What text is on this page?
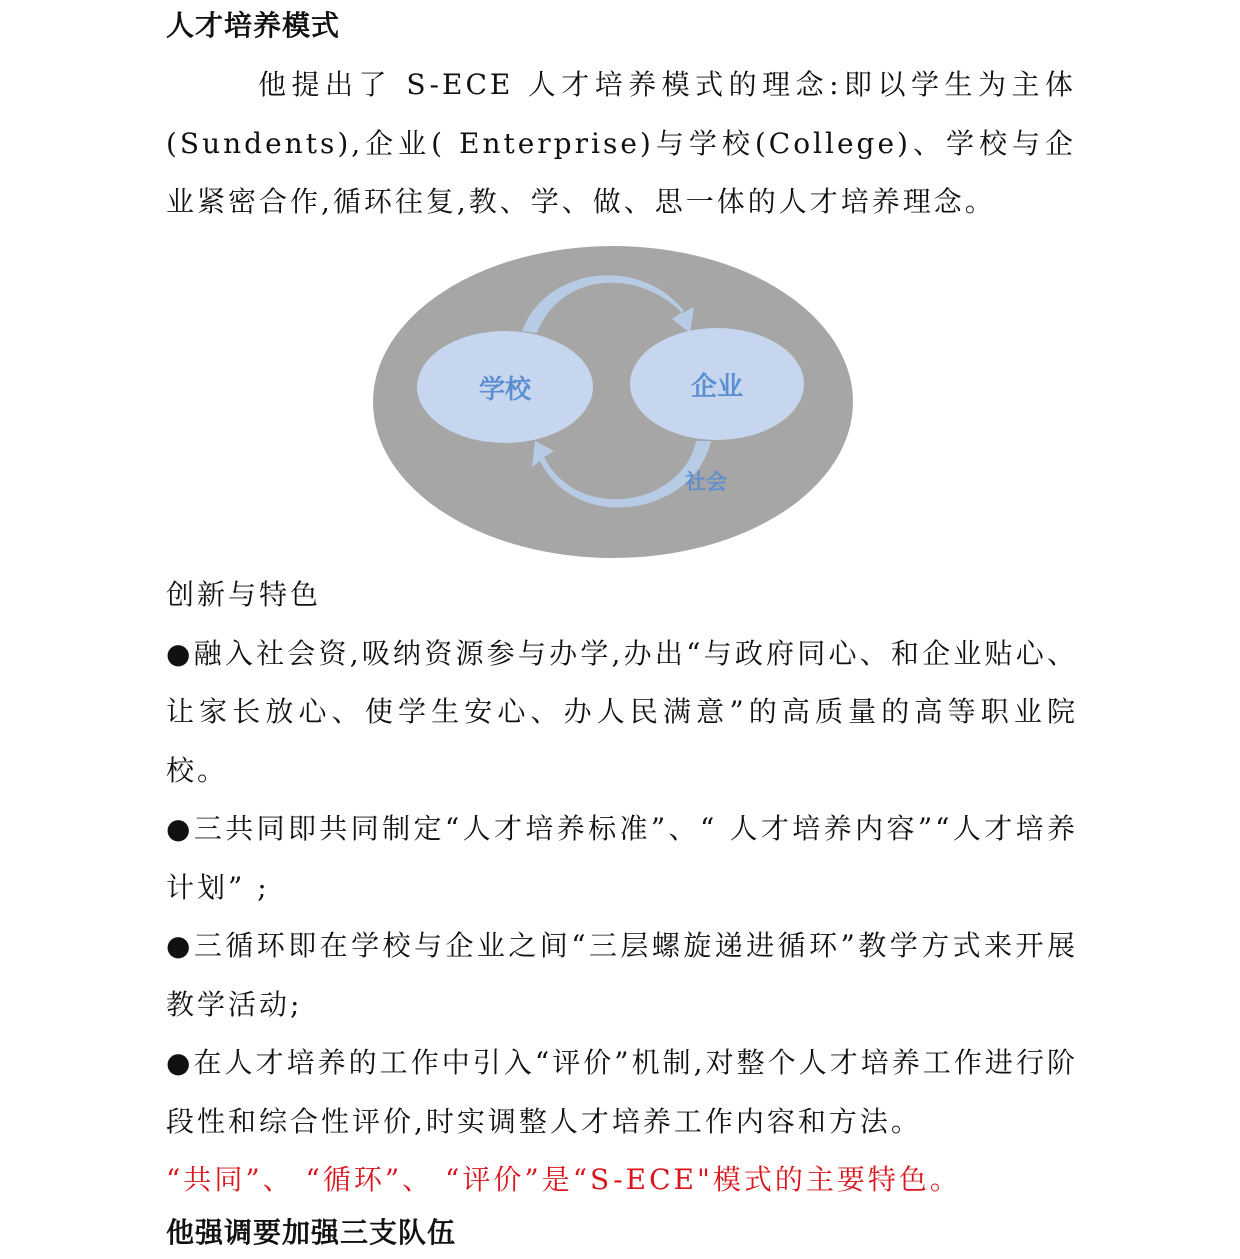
人才培养模式

他提出了 S-ECE 人才培养模式的理念:即以学生为主体(Sundents),企业( Enterprise)与学校(College)、学校与企业紧密合作,循环往复,教、学、做、思一体的人才培养理念。

学校	企业
社会

创新与特色

●融入社会资,吸纳资源参与办学,办出“与政府同心、和企业贴心、让家长放心、使学生安心、办人民满意”的高质量的高等职业院校。

●三共同即共同制定“人才培养标准”、“ 人才培养内容”“人才培养计划” ;

●三循环即在学校与企业之间“三层螺旋递进循环”教学方式来开展教学活动;

●在人才培养的工作中引入“评价”机制,对整个人才培养工作进行阶段性和综合性评价,时实调整人才培养工作内容和方法。

“共同”、 “循环”、 “评价”是“S-ECE"模式的主要特色。

他强调要加强三支队伍
